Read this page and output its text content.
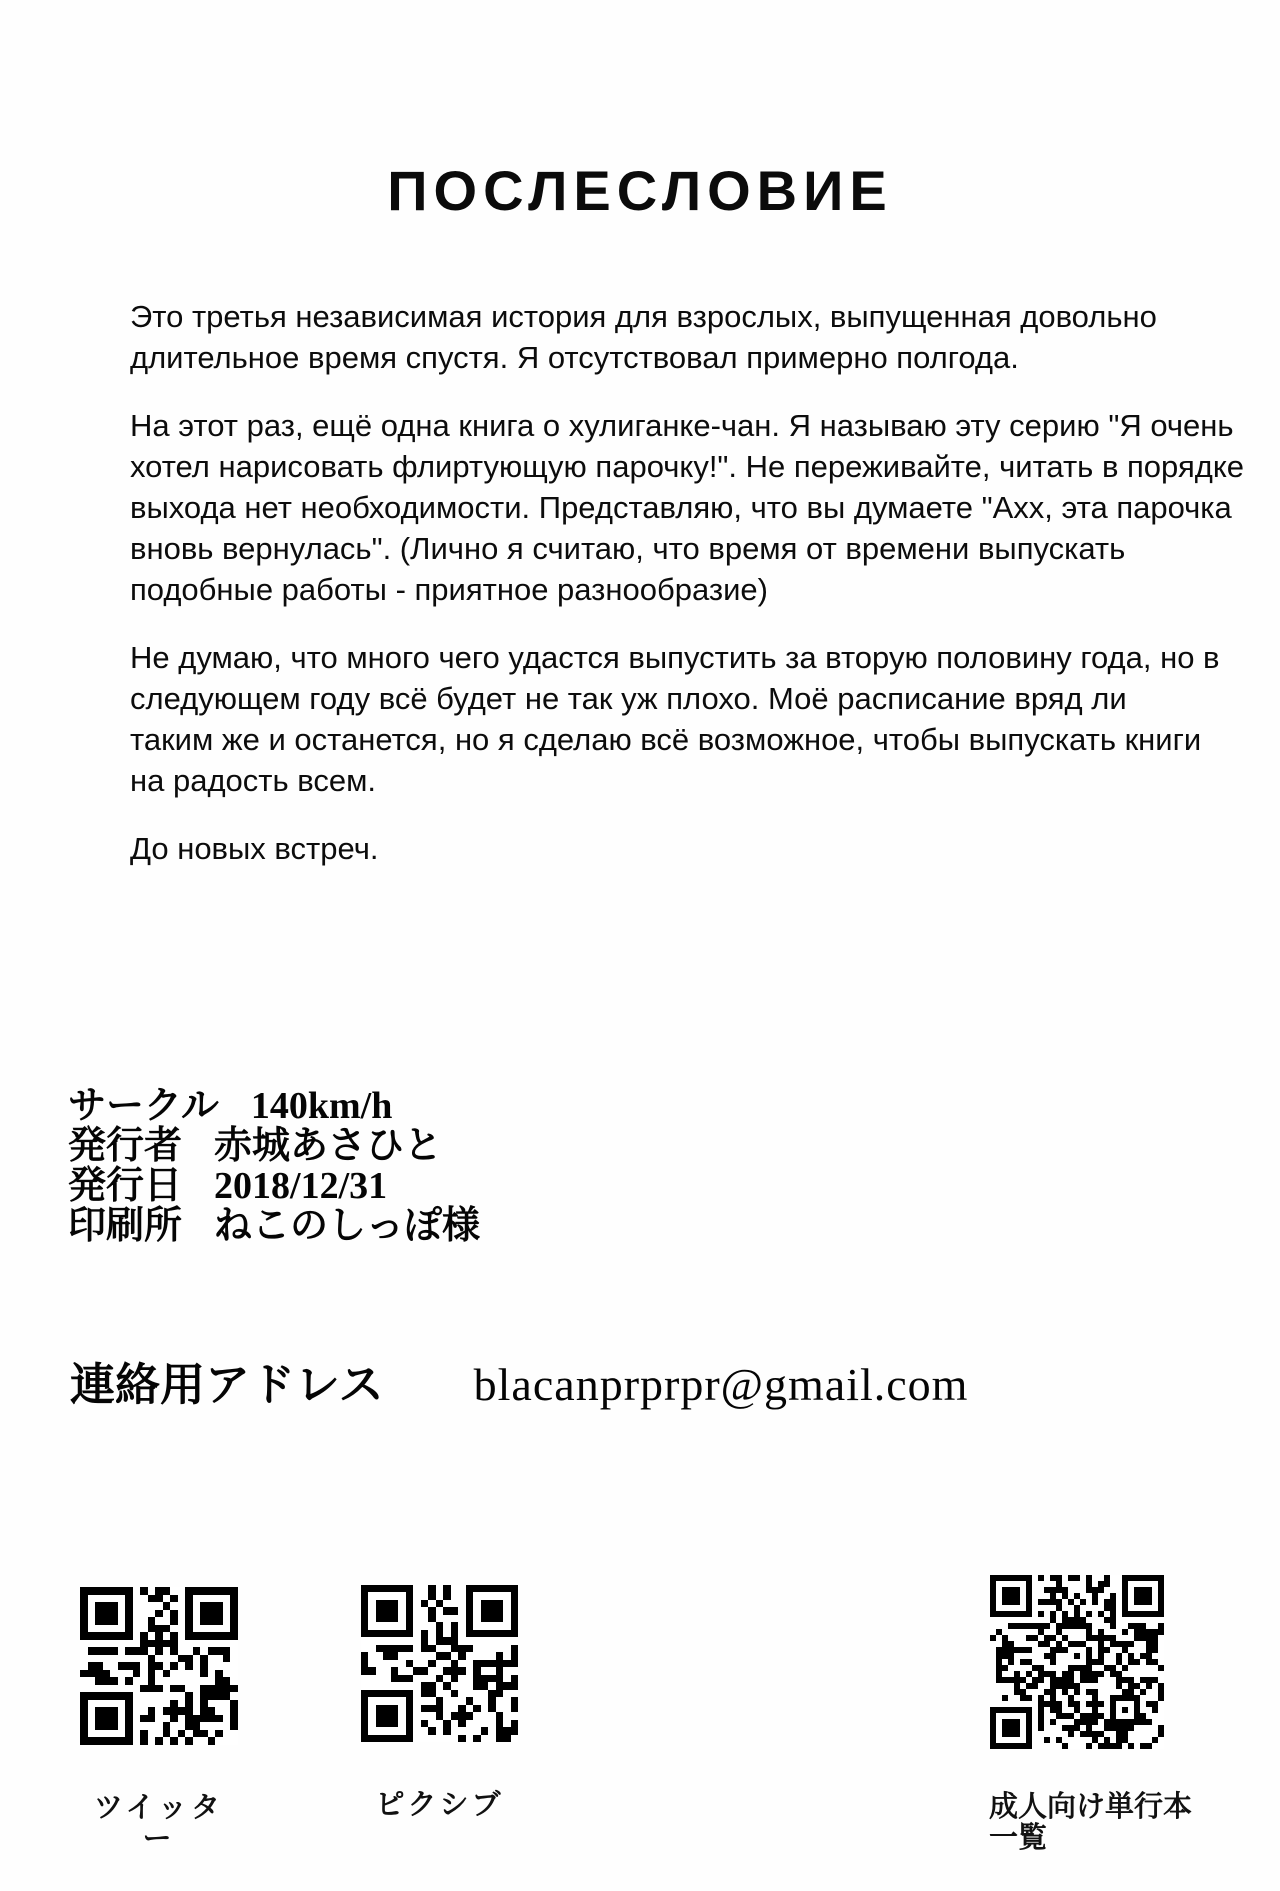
ПОСЛЕСЛОВИЕ
Это третья независимая история для взрослых, выпущенная довольно
длительное время спустя. Я отсутствовал примерно полгода.
На этот раз, ещё одна книга о хулиганке-чан. Я называю эту серию "Я очень
хотел нарисовать флиртующую парочку!". Не переживайте, читать в порядке
выхода нет необходимости. Представляю, что вы думаете "Ахх, эта парочка
вновь вернулась". (Лично я считаю, что время от времени выпускать
подобные работы - приятное разнообразие)
Не думаю, что много чего удастся выпустить за вторую половину года, но в
следующем году всё будет не так уж плохо. Моё расписание вряд ли
таким же и останется, но я сделаю всё возможное, чтобы выпускать книги
на радость всем.
До новых встреч.
サークル 140km/h
発行者 赤城あさひと
発行日 2018/12/31
印刷所 ねこのしっぽ様
連絡用アドレス blacanprprpr@gmail.com
ツイッター
ピクシブ	成人向け単行本
一覧
